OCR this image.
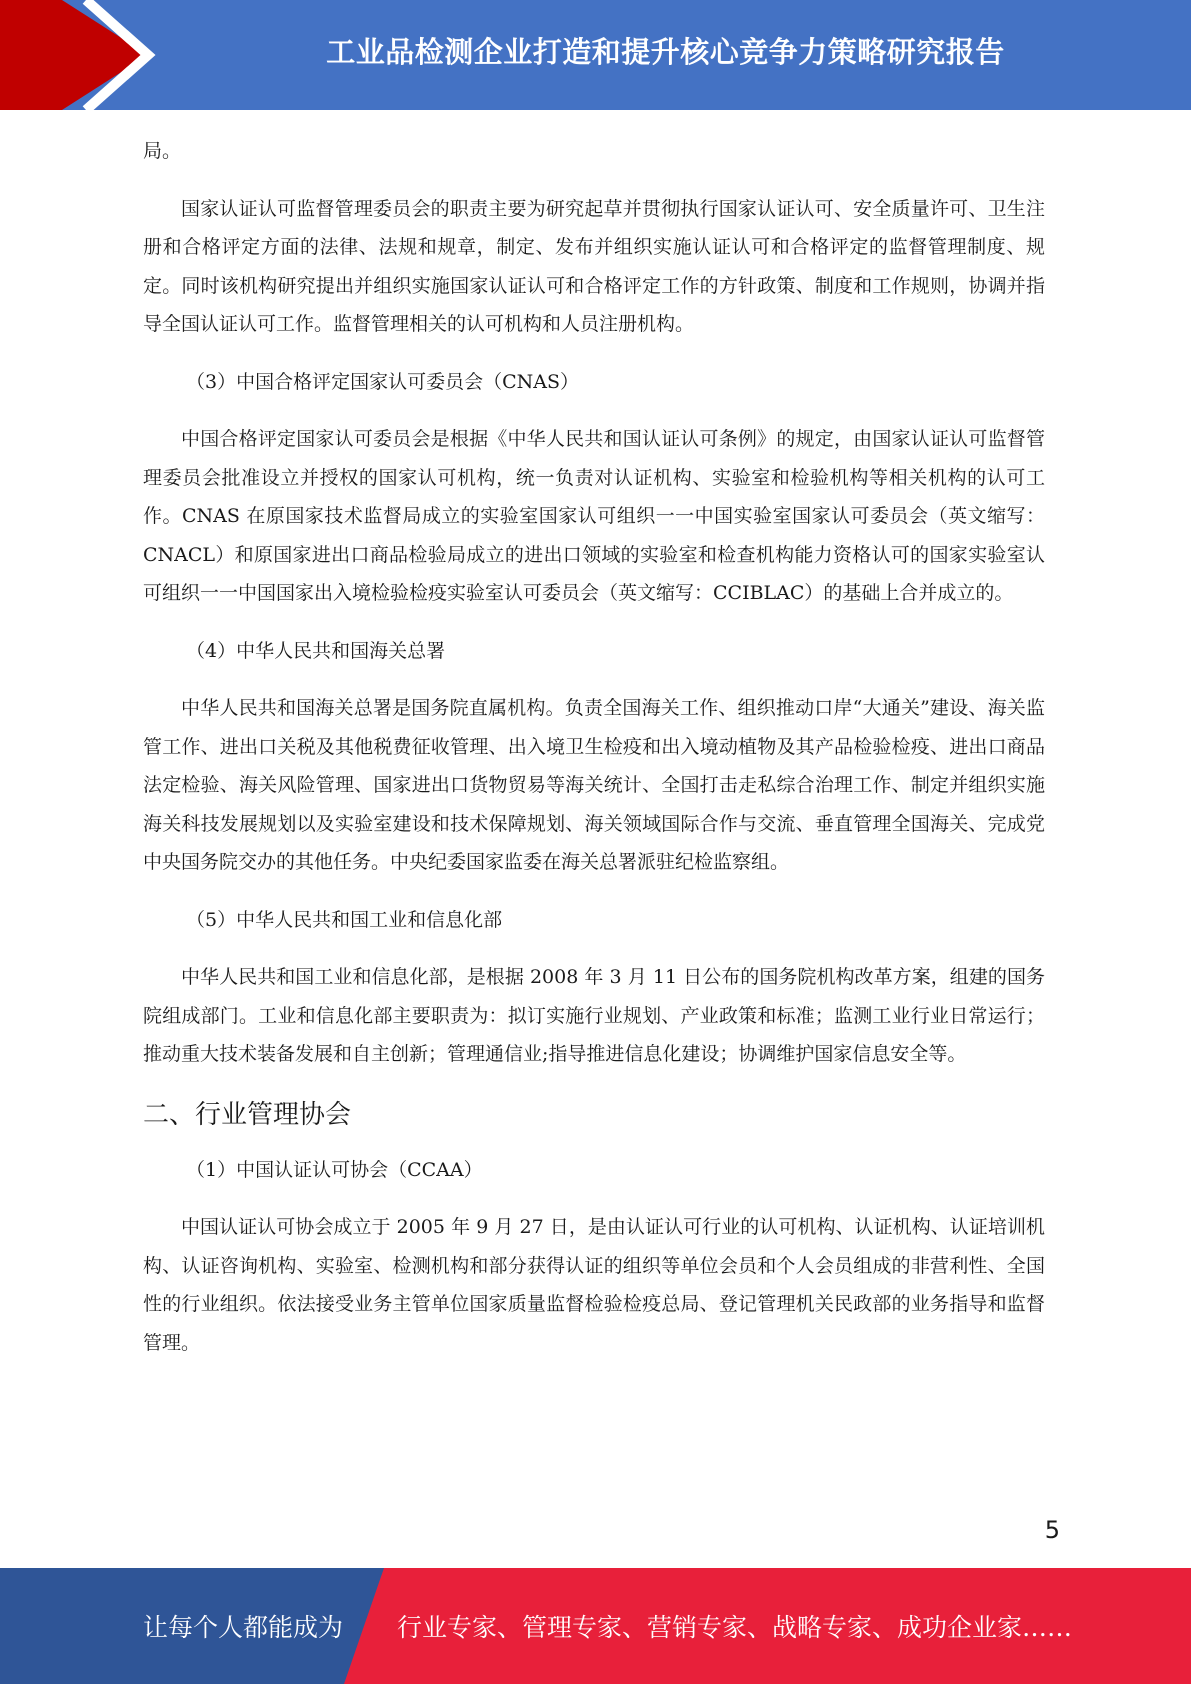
工业品检测企业打造和提升核心竞争力策略研究报告

局。

国家认证认可监督管理委员会的职责主要为研究起草并贯彻执行国家认证认可、安全质量许可、卫生注册和合格评定方面的法律、法规和规章，制定、发布并组织实施认证认可和合格评定的监督管理制度、规定。同时该机构研究提出并组织实施国家认证认可和合格评定工作的方针政策、制度和工作规则，协调并指导全国认证认可工作。监督管理相关的认可机构和人员注册机构。

（3）中国合格评定国家认可委员会（CNAS）

中国合格评定国家认可委员会是根据《中华人民共和国认证认可条例》的规定，由国家认证认可监督管理委员会批准设立并授权的国家认可机构，统一负责对认证机构、实验室和检验机构等相关机构的认可工作。CNAS 在原国家技术监督局成立的实验室国家认可组织一一中国实验室国家认可委员会（英文缩写：CNACL）和原国家进出口商品检验局成立的进出口领域的实验室和检查机构能力资格认可的国家实验室认可组织一一中国国家出入境检验检疫实验室认可委员会（英文缩写：CCIBLAC）的基础上合并成立的。

（4）中华人民共和国海关总署

中华人民共和国海关总署是国务院直属机构。负责全国海关工作、组织推动口岸“大通关”建设、海关监管工作、进出口关税及其他税费征收管理、出入境卫生检疫和出入境动植物及其产品检验检疫、进出口商品法定检验、海关风险管理、国家进出口货物贸易等海关统计、全国打击走私综合治理工作、制定并组织实施海关科技发展规划以及实验室建设和技术保障规划、海关领域国际合作与交流、垂直管理全国海关、完成党中央国务院交办的其他任务。中央纪委国家监委在海关总署派驻纪检监察组。

（5）中华人民共和国工业和信息化部

中华人民共和国工业和信息化部，是根据 2008 年 3 月 11 日公布的国务院机构改革方案，组建的国务院组成部门。工业和信息化部主要职责为：拟订实施行业规划、产业政策和标准；监测工业行业日常运行；推动重大技术装备发展和自主创新；管理通信业;指导推进信息化建设；协调维护国家信息安全等。

二、行业管理协会

（1）中国认证认可协会（CCAA）

中国认证认可协会成立于 2005 年 9 月 27 日，是由认证认可行业的认可机构、认证机构、认证培训机构、认证咨询机构、实验室、检测机构和部分获得认证的组织等单位会员和个人会员组成的非营利性、全国性的行业组织。依法接受业务主管单位国家质量监督检验检疫总局、登记管理机关民政部的业务指导和监督管理。

5
让每个人都能成为 行业专家、管理专家、营销专家、战略专家、成功企业家……
